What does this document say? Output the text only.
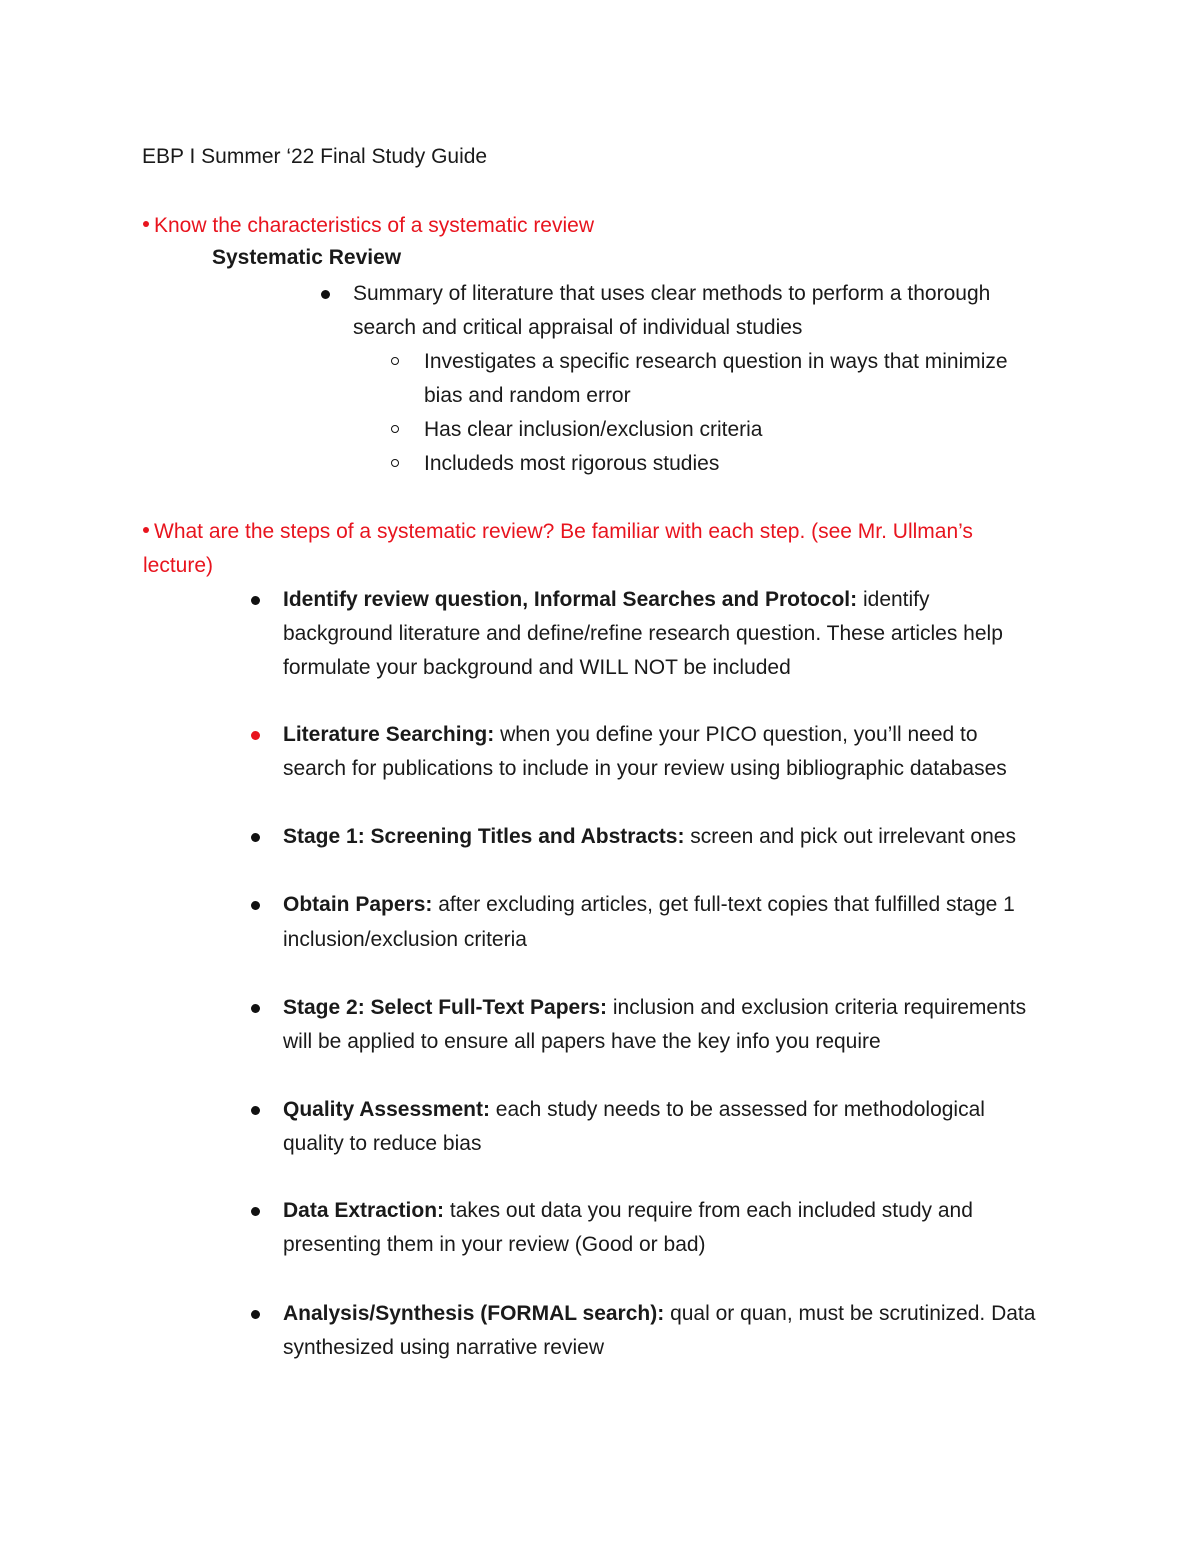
EBP I Summer ‘22 Final Study Guide
Know the characteristics of a systematic review
Systematic Review
Summary of literature that uses clear methods to perform a thorough
search and critical appraisal of individual studies
Investigates a specific research question in ways that minimize
bias and random error
Has clear inclusion/exclusion criteria
Includeds most rigorous studies
What are the steps of a systematic review? Be familiar with each step. (see Mr. Ullman’s
lecture)
Identify review question, Informal Searches and Protocol: identify
background literature and define/refine research question. These articles help
formulate your background and WILL NOT be included
Literature Searching: when you define your PICO question, you’ll need to
search for publications to include in your review using bibliographic databases
Stage 1: Screening Titles and Abstracts: screen and pick out irrelevant ones
Obtain Papers: after excluding articles, get full-text copies that fulfilled stage 1
inclusion/exclusion criteria
Stage 2: Select Full-Text Papers: inclusion and exclusion criteria requirements
will be applied to ensure all papers have the key info you require
Quality Assessment: each study needs to be assessed for methodological
quality to reduce bias
Data Extraction: takes out data you require from each included study and
presenting them in your review (Good or bad)
Analysis/Synthesis (FORMAL search): qual or quan, must be scrutinized. Data
synthesized using narrative review
